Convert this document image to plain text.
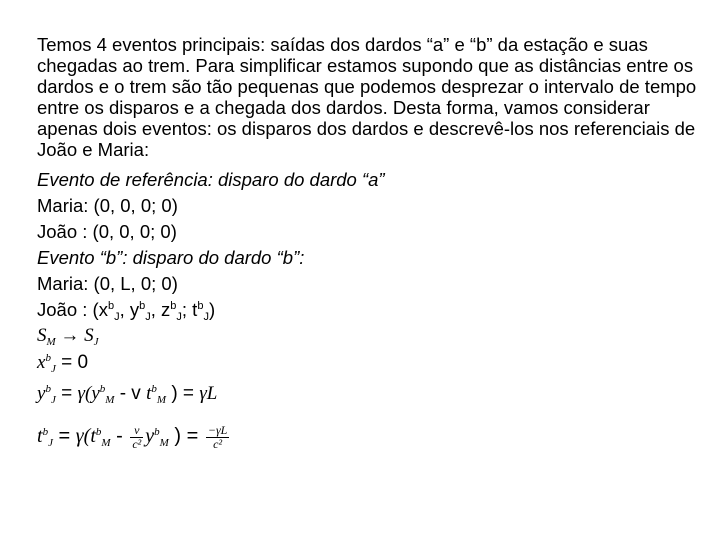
Temos 4 eventos principais: saídas dos dardos “a” e “b” da estação e suas
chegadas ao trem. Para simplificar estamos supondo que as distâncias entre os
dardos e o trem são tão pequenas que podemos desprezar o intervalo de tempo
entre os disparos e a chegada dos dardos. Desta forma, vamos considerar
apenas dois eventos: os disparos dos dardos e descrevê-los nos referenciais de
João e Maria:
Evento de referência: disparo do dardo “a”
Maria: (0, 0, 0; 0)
João : (0, 0, 0; 0)
Evento “b”: disparo do dardo “b”:
Maria: (0, L, 0; 0)
João : ($x^b_J$, $y^b_J$, $z^b_J$; $t^b_J$)
$S_M \to S_J$
$x^b_J = 0$
$y^b_J = \gamma(y^b_M - v$ $t^b_M$ ) = γL
$t^b_J = \gamma(t^b_M - \frac{v}{\text{c²}} y^b_M$ ) = $\frac{-\gamma L}{\text{c²}}$
